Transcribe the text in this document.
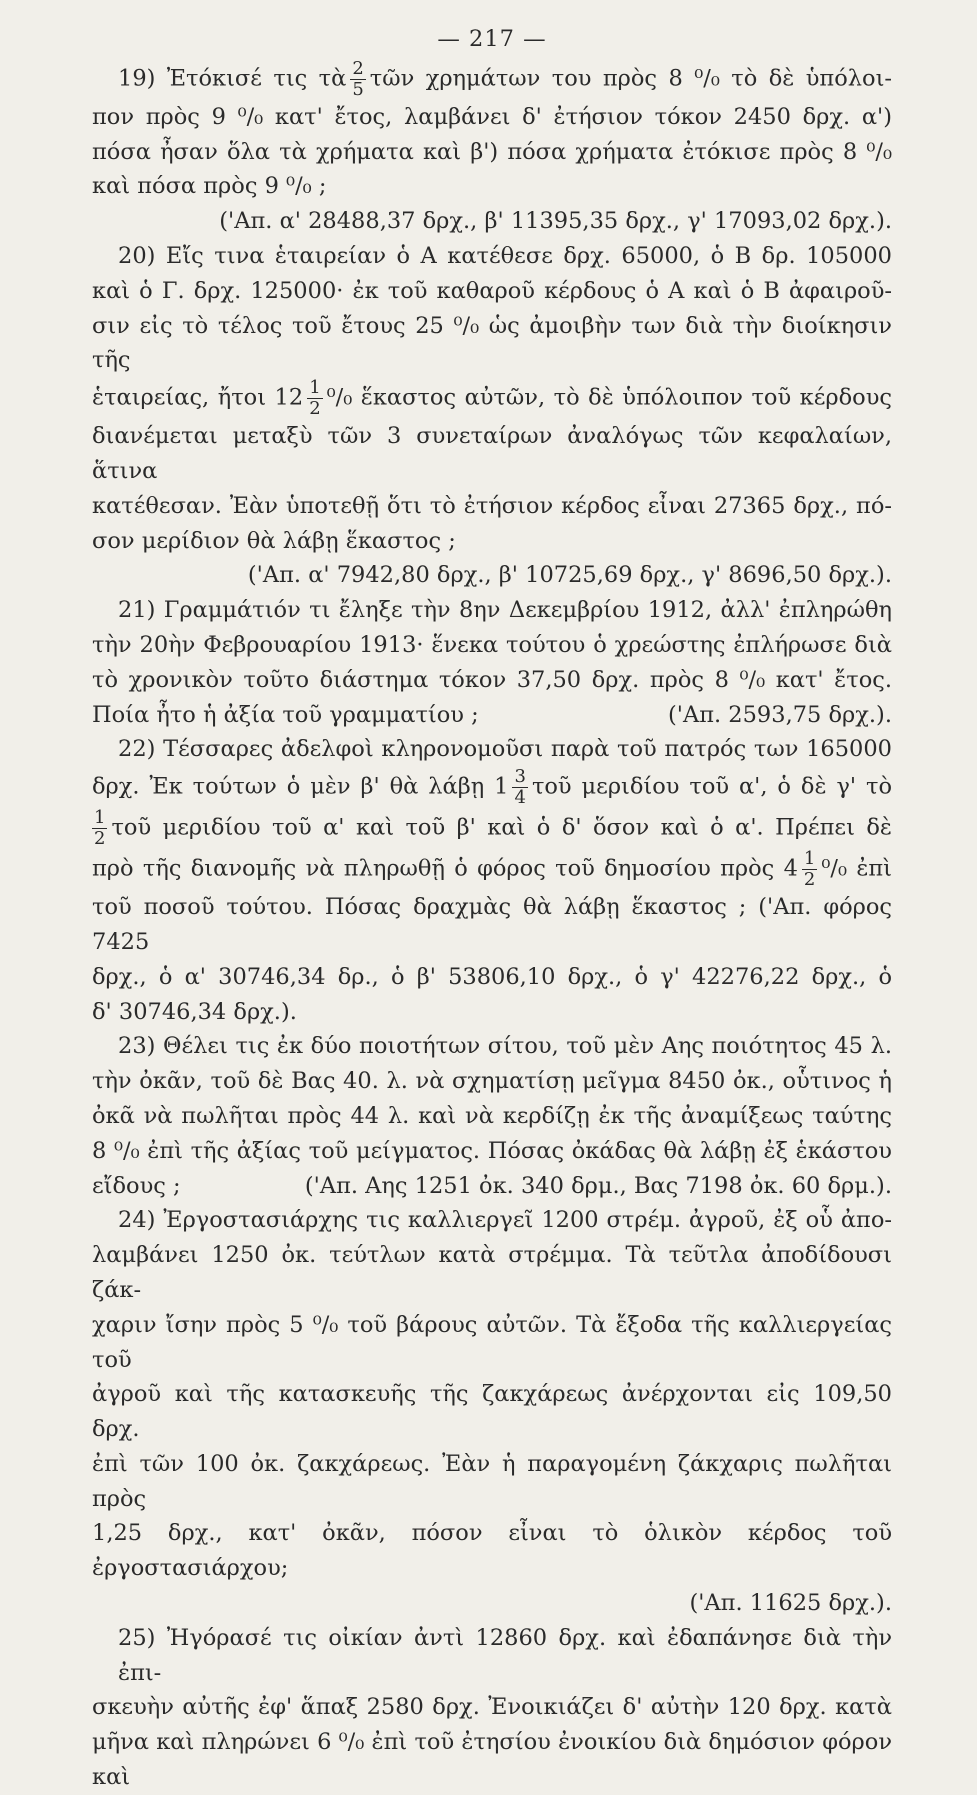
— 217 —
19) Ἐτόκισέ τις τὰ $\frac{2}{5}$ τῶν χρημάτων του πρὸς 8 ⁰/₀ τὸ δὲ ὑπόλοι-
πον πρὸς 9 ⁰/₀ κατ' ἔτος, λαμβάνει δ' ἐτήσιον τόκον 2450 δρχ. α')
πόσα ἦσαν ὅλα τὰ χρήματα καὶ β') πόσα χρήματα ἐτόκισε πρὸς 8 ⁰/₀
καὶ πόσα πρὸς 9 ⁰/₀ ;
('Απ. α' 28488,37 δρχ., β' 11395,35 δρχ., γ' 17093,02 δρχ.).
20) Εἴς τινα ἑταιρείαν ὁ Α κατέθεσε δρχ. 65000, ὁ Β δρ. 105000
καὶ ὁ Γ. δρχ. 125000· ἐκ τοῦ καθαροῦ κέρδους ὁ Α καὶ ὁ Β ἀφαιροῦ-
σιν εἰς τὸ τέλος τοῦ ἔτους 25 ⁰/₀ ὡς ἀμοιβὴν των διὰ τὴν διοίκησιν τῆς
ἑταιρείας, ἤτοι $12 \frac{1}{2} ^0/_0$ ἕκαστος αὐτῶν, τὸ δὲ ὑπόλοιπον τοῦ κέρδους
διανέμεται μεταξὺ τῶν 3 συνεταίρων ἀναλόγως τῶν κεφαλαίων, ἅτινα
κατέθεσαν. Ἐὰν ὑποτεθῇ ὅτι τὸ ἐτήσιον κέρδος εἶναι 27365 δρχ., πό-
σον μερίδιον θὰ λάβῃ ἕκαστος ;
('Απ. α' 7942,80 δρχ., β' 10725,69 δρχ., γ' 8696,50 δρχ.).
21) Γραμμάτιόν τι ἔληξε τὴν 8ην Δεκεμβρίου 1912, ἀλλ' ἐπληρώθη
τὴν 20ὴν Φεβρουαρίου 1913· ἕνεκα τούτου ὁ χρεώστης ἐπλήρωσε διὰ
τὸ χρονικὸν τοῦτο διάστημα τόκον 37,50 δρχ. πρὸς 8 ⁰/₀ κατ' ἔτος.
Ποία ἦτο ἡ ἀξία τοῦ γραμματίου ;	('Απ. 2593,75 δρχ.).
22) Τέσσαρες ἀδελφοὶ κληρονομοῦσι παρὰ τοῦ πατρός των 165000
δρχ. Ἐκ τούτων ὁ μὲν β' θὰ λάβῃ $1 \frac{3}{4}$ τοῦ μεριδίου τοῦ α', ὁ δὲ γ' τὸ
$\frac{1}{2}$ τοῦ μεριδίου τοῦ α' καὶ τοῦ β' καὶ ὁ δ' ὅσον καὶ ὁ α'. Πρέπει δὲ
πρὸ τῆς διανομῆς νὰ πληρωθῇ ὁ φόρος τοῦ δημοσίου πρὸς $4 \frac{1}{2} ^0/_0$ ἐπὶ
τοῦ ποσοῦ τούτου. Πόσας δραχμὰς θὰ λάβῃ ἕκαστος ; ('Απ. φόρος 7425
δρχ., ὁ α' 30746,34 δρ., ὁ β' 53806,10 δρχ., ὁ γ' 42276,22 δρχ., ὁ
δ' 30746,34 δρχ.).
23) Θέλει τις ἐκ δύο ποιοτήτων σίτου, τοῦ μὲν Αης ποιότητος 45 λ.
τὴν ὀκᾶν, τοῦ δὲ Βας 40. λ. νὰ σχηματίσῃ μεῖγμα 8450 ὀκ., οὗτινος ἡ
ὀκᾶ νὰ πωλῆται πρὸς 44 λ. καὶ νὰ κερδίζῃ ἐκ τῆς ἀναμίξεως ταύτης
8 ⁰/₀ ἐπὶ τῆς ἀξίας τοῦ μείγματος. Πόσας ὀκάδας θὰ λάβῃ ἐξ ἑκάστου
εἴδους ;	('Απ. Αης 1251 ὀκ. 340 δρμ., Βας 7198 ὀκ. 60 δρμ.).
24) Ἐργοστασιάρχης τις καλλιεργεῖ 1200 στρέμ. ἀγροῦ, ἐξ οὗ ἀπο-
λαμβάνει 1250 ὀκ. τεύτλων κατὰ στρέμμα. Τὰ τεῦτλα ἀποδίδουσι ζάκ-
χαριν ἴσην πρὸς 5 ⁰/₀ τοῦ βάρους αὐτῶν. Τὰ ἔξοδα τῆς καλλιεργείας τοῦ
ἀγροῦ καὶ τῆς κατασκευῆς τῆς ζακχάρεως ἀνέρχονται εἰς 109,50 δρχ.
ἐπὶ τῶν 100 ὀκ. ζακχάρεως. Ἐὰν ἡ παραγομένη ζάκχαρις πωλῆται πρὸς
1,25 δρχ., κατ' ὀκᾶν, πόσον εἶναι τὸ ὁλικὸν κέρδος τοῦ ἐργοστασιάρχου;
('Απ. 11625 δρχ.).
25) Ἠγόρασέ τις οἰκίαν ἀντὶ 12860 δρχ. καὶ ἐδαπάνησε διὰ τὴν ἐπι-
σκευὴν αὐτῆς ἐφ' ἅπαξ 2580 δρχ. Ἐνοικιάζει δ' αὐτὴν 120 δρχ. κατὰ
μῆνα καὶ πληρώνει 6 ⁰/₀ ἐπὶ τοῦ ἐτησίου ἐνοικίου διὰ δημόσιον φόρον καὶ
